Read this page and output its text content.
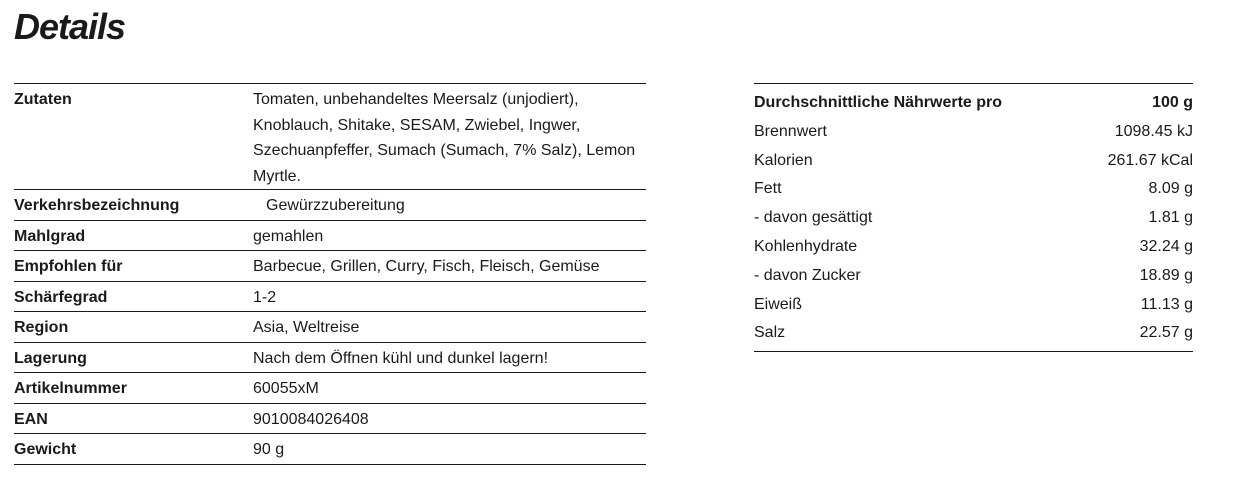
Details
Zutaten	Tomaten, unbehandeltes Meersalz (unjodiert), Knoblauch, Shitake, SESAM, Zwiebel, Ingwer, Szechuanpfeffer, Sumach (Sumach, 7% Salz), Lemon Myrtle.
Verkehrsbezeichnung	Gewürzzubereitung
Mahlgrad	gemahlen
Empfohlen für	Barbecue, Grillen, Curry, Fisch, Fleisch, Gemüse
Schärfegrad	1-2
Region	Asia, Weltreise
Lagerung	Nach dem Öffnen kühl und dunkel lagern!
Artikelnummer	60055xM
EAN	9010084026408
Gewicht	90 g
Durchschnittliche Nährwerte pro	100 g
Brennwert	1098.45 kJ
Kalorien	261.67 kCal
Fett	8.09 g
- davon gesättigt	1.81 g
Kohlenhydrate	32.24 g
- davon Zucker	18.89 g
Eiweiß	11.13 g
Salz	22.57 g
